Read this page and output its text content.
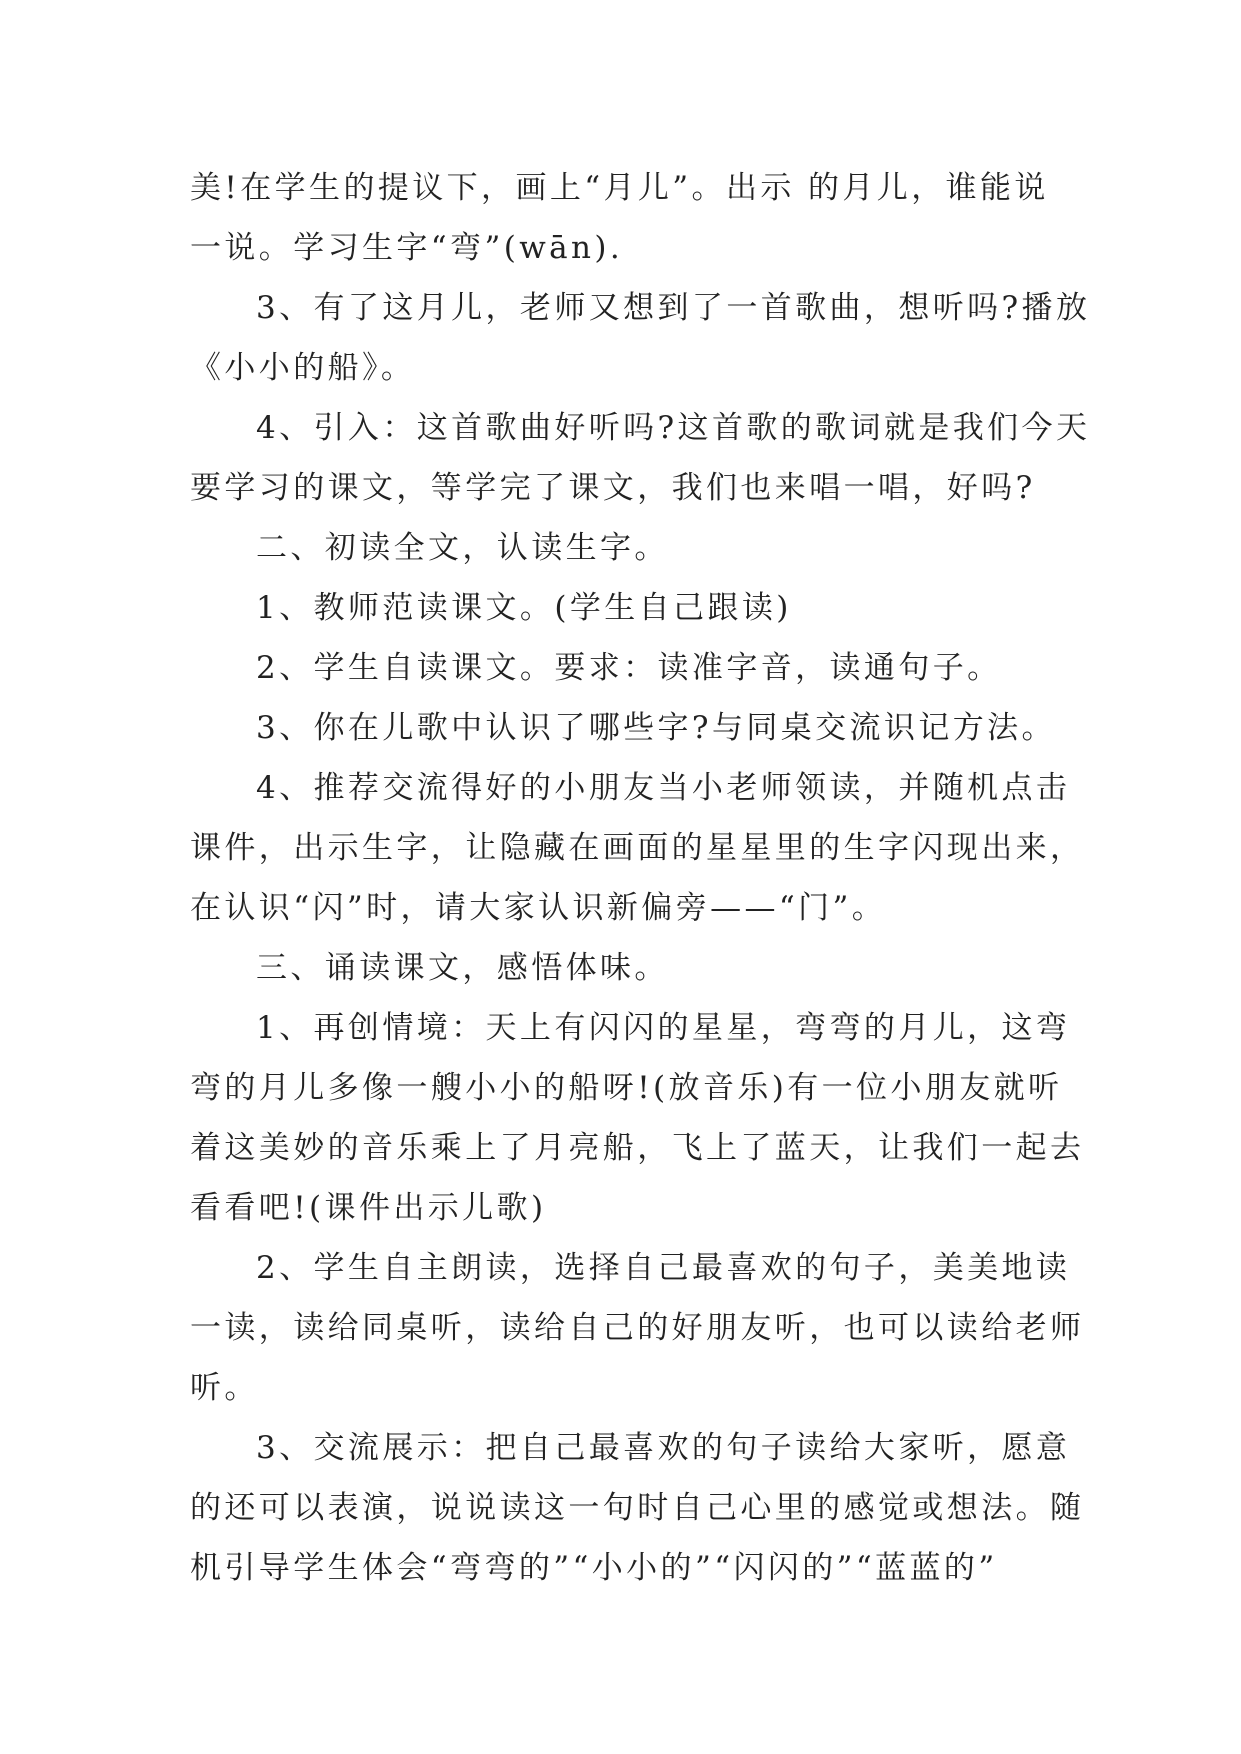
美!在学生的提议下，画上“月儿”。出示 的月儿，谁能说

一说。学习生字“弯”(wān).

3、有了这月儿，老师又想到了一首歌曲，想听吗?播放

《小小的船》。

4、引入：这首歌曲好听吗?这首歌的歌词就是我们今天

要学习的课文，等学完了课文，我们也来唱一唱，好吗?

二、初读全文，认读生字。

1、教师范读课文。(学生自己跟读)

2、学生自读课文。要求：读准字音，读通句子。

3、你在儿歌中认识了哪些字?与同桌交流识记方法。

4、推荐交流得好的小朋友当小老师领读，并随机点击

课件，出示生字，让隐藏在画面的星星里的生字闪现出来，

在认识“闪”时，请大家认识新偏旁——“门”。

三、诵读课文，感悟体味。

1、再创情境：天上有闪闪的星星，弯弯的月儿，这弯

弯的月儿多像一艘小小的船呀!(放音乐)有一位小朋友就听

着这美妙的音乐乘上了月亮船，飞上了蓝天，让我们一起去

看看吧!(课件出示儿歌)

2、学生自主朗读，选择自己最喜欢的句子，美美地读

一读，读给同桌听，读给自己的好朋友听，也可以读给老师

听。

3、交流展示：把自己最喜欢的句子读给大家听，愿意

的还可以表演，说说读这一句时自己心里的感觉或想法。随

机引导学生体会“弯弯的”“小小的”“闪闪的”“蓝蓝的”
